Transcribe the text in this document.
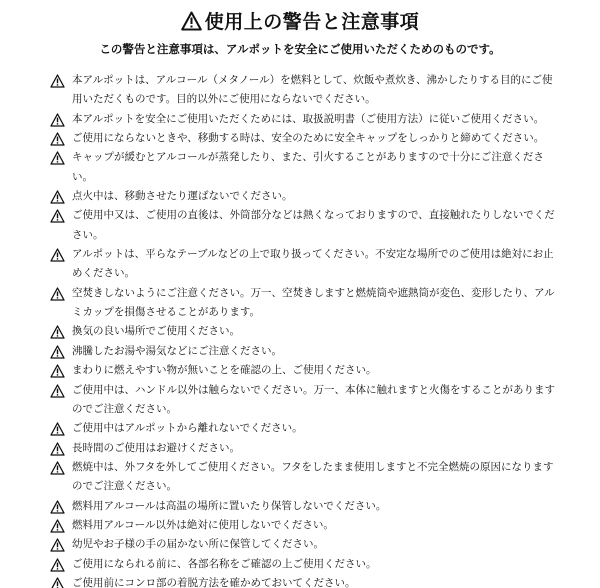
使用上の警告と注意事項
この警告と注意事項は、アルポットを安全にご使用いただくためのものです。
本アルポットは、アルコール（メタノール）を燃料として、炊飯や煮炊き、沸かしたりする目的にご使用いただくものです。目的以外にご使用にならないでください。
本アルポットを安全にご使用いただくためには、取扱説明書（ご使用方法）に従いご使用ください。
ご使用にならないときや、移動する時は、安全のために安全キャップをしっかりと締めてください。
キャップが緩むとアルコールが蒸発したり、また、引火することがありますので十分にご注意ください。
点火中は、移動させたり運ばないでください。
ご使用中又は、ご使用の直後は、外筒部分などは熱くなっておりますので、直接触れたりしないでください。
アルポットは、平らなテーブルなどの上で取り扱ってください。不安定な場所でのご使用は絶対にお止めください。
空焚きしないようにご注意ください。万一、空焚きしますと燃焼筒や遮熱筒が変色、変形したり、アルミカップを損傷させることがあります。
換気の良い場所でご使用ください。
沸騰したお湯や湯気などにご注意ください。
まわりに燃えやすい物が無いことを確認の上、ご使用ください。
ご使用中は、ハンドル以外は触らないでください。万一、本体に触れますと火傷をすることがありますのでご注意ください。
ご使用中はアルポットから離れないでください。
長時間のご使用はお避けください。
燃焼中は、外フタを外してご使用ください。フタをしたまま使用しますと不完全燃焼の原因になりますのでご注意ください。
燃料用アルコールは高温の場所に置いたり保管しないでください。
燃料用アルコール以外は絶対に使用しないでください。
幼児やお子様の手の届かない所に保管してください。
ご使用になられる前に、各部名称をご確認の上ご使用ください。
ご使用前にコンロ部の着脱方法を確かめておいてください。
